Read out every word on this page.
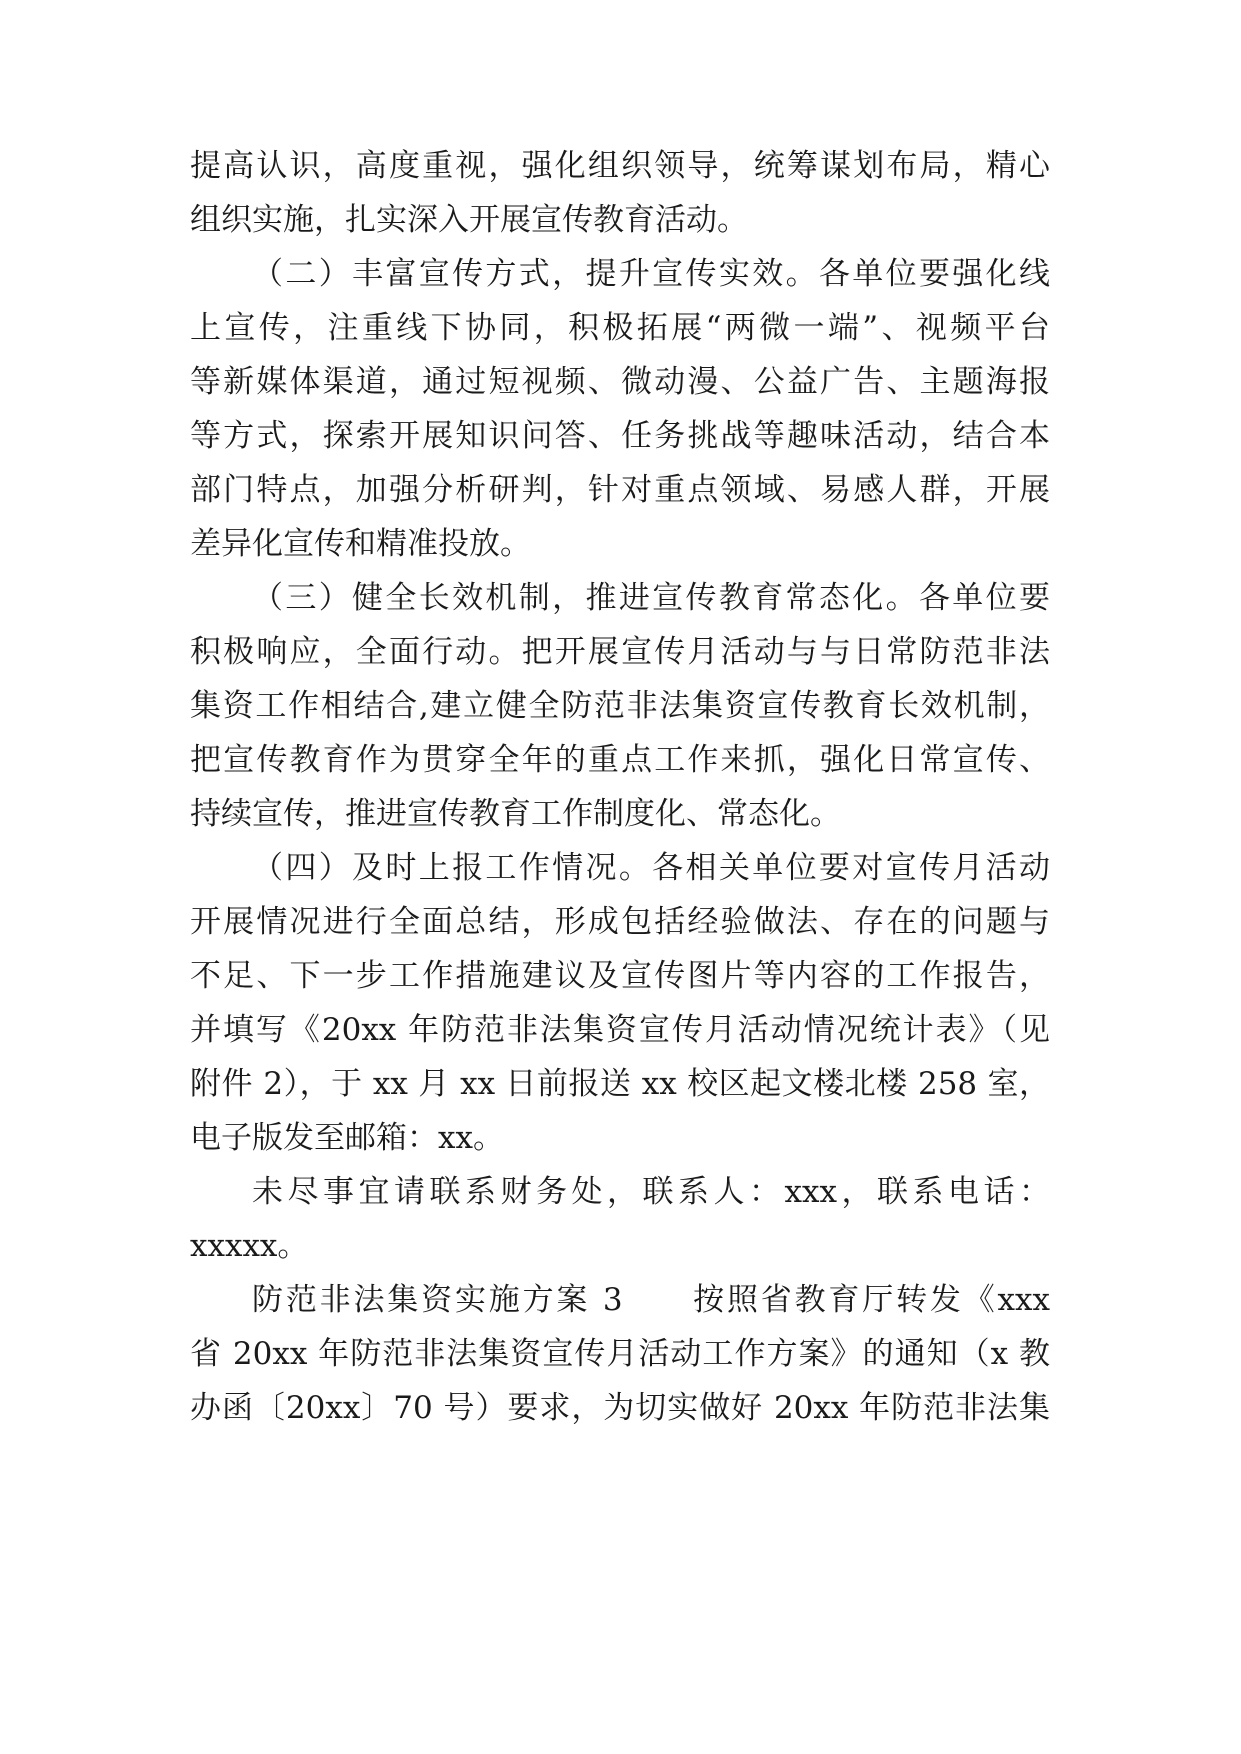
提高认识，高度重视，强化组织领导，统筹谋划布局，精心
组织实施，扎实深入开展宣传教育活动。
（二）丰富宣传方式，提升宣传实效。各单位要强化线
上宣传，注重线下协同，积极拓展“两微一端”、视频平台
等新媒体渠道，通过短视频、微动漫、公益广告、主题海报
等方式，探索开展知识问答、任务挑战等趣味活动，结合本
部门特点，加强分析研判，针对重点领域、易感人群，开展
差异化宣传和精准投放。
（三）健全长效机制，推进宣传教育常态化。各单位要
积极响应，全面行动。把开展宣传月活动与与日常防范非法
集资工作相结合,建立健全防范非法集资宣传教育长效机制，
把宣传教育作为贯穿全年的重点工作来抓，强化日常宣传、
持续宣传，推进宣传教育工作制度化、常态化。
（四）及时上报工作情况。各相关单位要对宣传月活动
开展情况进行全面总结，形成包括经验做法、存在的问题与
不足、下一步工作措施建议及宣传图片等内容的工作报告，
并填写《20xx 年防范非法集资宣传月活动情况统计表》（见
附件 2），于 xx 月 xx 日前报送 xx 校区起文楼北楼 258 室，
电子版发至邮箱：xx。
未尽事宜请联系财务处，联系人：xxx，联系电话：
xxxxx。
防范非法集资实施方案 3　　按照省教育厅转发《xxx
省 20xx 年防范非法集资宣传月活动工作方案》的通知（x 教
办函〔20xx〕70 号）要求，为切实做好 20xx 年防范非法集
